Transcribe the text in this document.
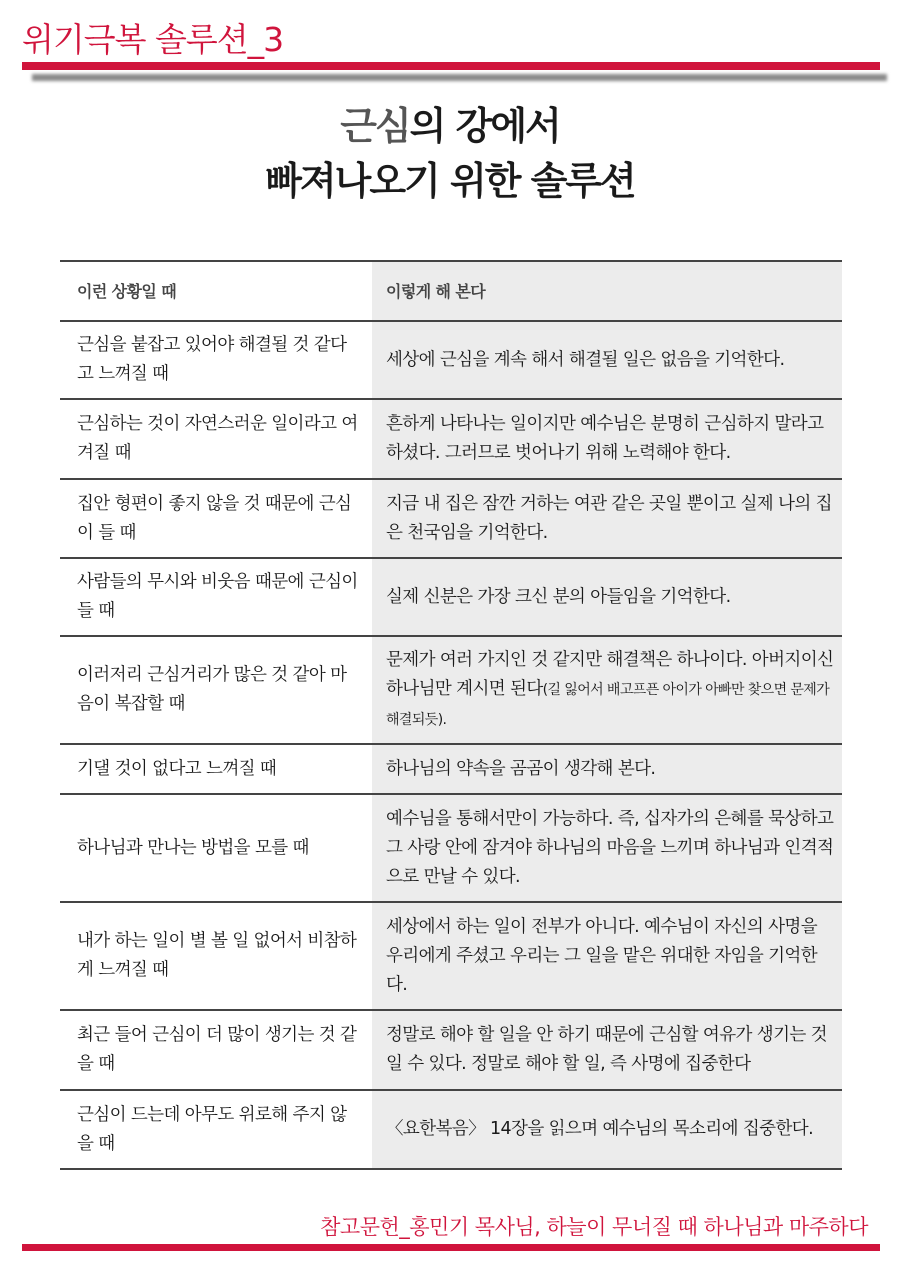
위기극복 솔루션_3
근심의 강에서
빠져나오기 위한 솔루션
이런 상황일 때	이렇게 해 본다
근심을 붙잡고 있어야 해결될 것 같다고 느껴질 때	세상에 근심을 계속 해서 해결될 일은 없음을 기억한다.
근심하는 것이 자연스러운 일이라고 여겨질 때	흔하게 나타나는 일이지만 예수님은 분명히 근심하지 말라고 하셨다. 그러므로 벗어나기 위해 노력해야 한다.
집안 형편이 좋지 않을 것 때문에 근심이 들 때	지금 내 집은 잠깐 거하는 여관 같은 곳일 뿐이고 실제 나의 집은 천국임을 기억한다.
사람들의 무시와 비웃음 때문에 근심이 들 때	실제 신분은 가장 크신 분의 아들임을 기억한다.
이러저리 근심거리가 많은 것 같아 마음이 복잡할 때	문제가 여러 가지인 것 같지만 해결책은 하나이다. 아버지이신 하나님만 계시면 된다(길 잃어서 배고프픈 아이가 아빠만 찾으면 문제가 해결되듯).
기댈 것이 없다고 느껴질 때	하나님의 약속을 곰곰이 생각해 본다.
하나님과 만나는 방법을 모를 때	예수님을 통해서만이 가능하다. 즉, 십자가의 은혜를 묵상하고 그 사랑 안에 잠겨야 하나님의 마음을 느끼며 하나님과 인격적으로 만날 수 있다.
내가 하는 일이 별 볼 일 없어서 비참하게 느껴질 때	세상에서 하는 일이 전부가 아니다. 예수님이 자신의 사명을 우리에게 주셨고 우리는 그 일을 맡은 위대한 자임을 기억한다.
최근 들어 근심이 더 많이 생기는 것 같을 때	정말로 해야 할 일을 안 하기 때문에 근심할 여유가 생기는 것일 수 있다. 정말로 해야 할 일, 즉 사명에 집중한다
근심이 드는데 아무도 위로해 주지 않을 때	〈요한복음〉 14장을 읽으며 예수님의 목소리에 집중한다.
참고문헌_홍민기 목사님, 하늘이 무너질 때 하나님과 마주하다
